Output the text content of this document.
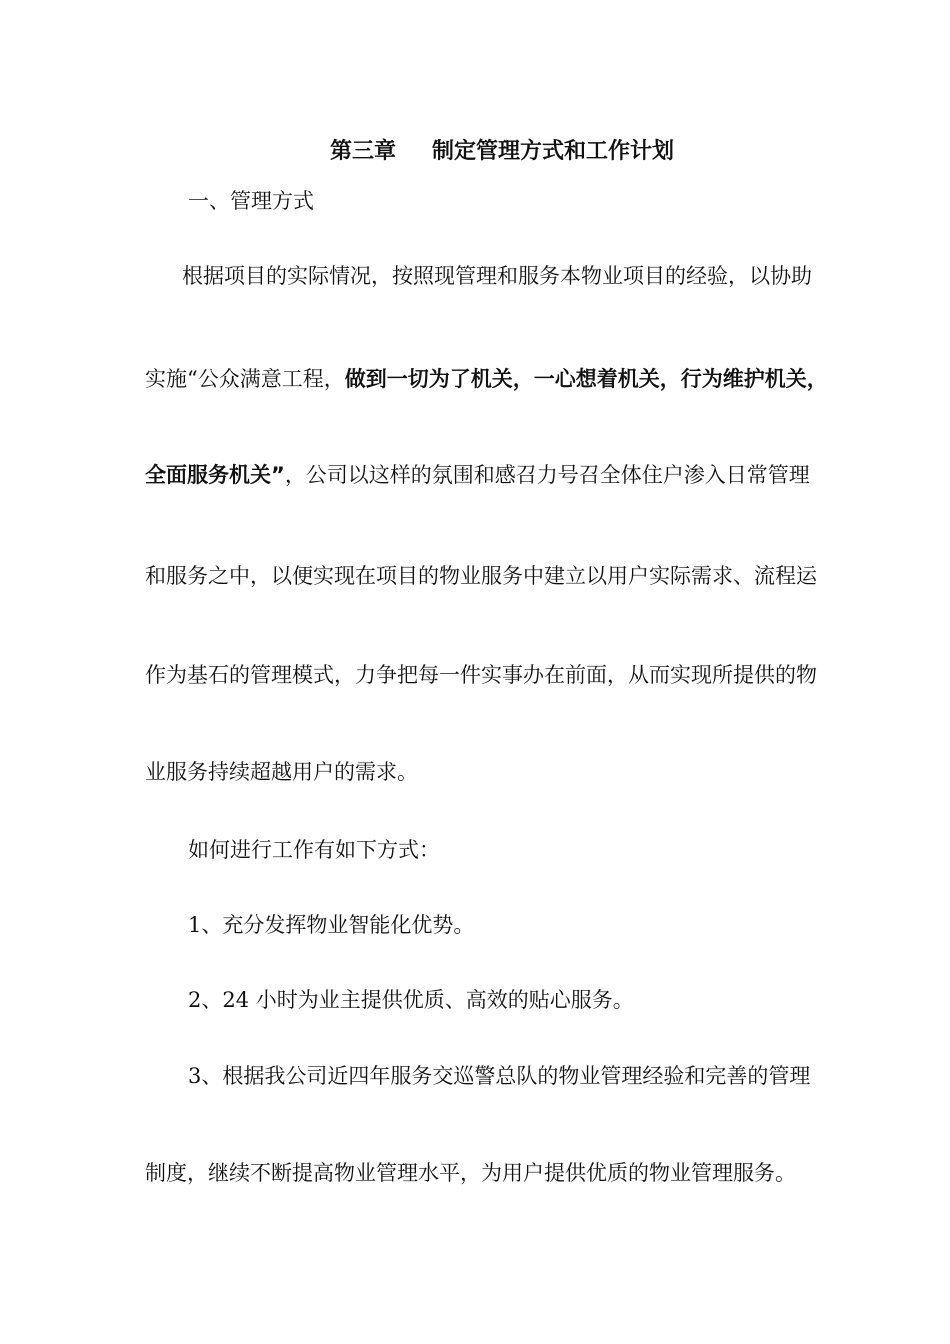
第三章 制定管理方式和工作计划
一、管理方式
根据项目的实际情况，按照现管理和服务本物业项目的经验，以协助
实施“公众满意工程，做到一切为了机关，一心想着机关，行为维护机关，
全面服务机关”，公司以这样的氛围和感召力号召全体住户渗入日常管理
和服务之中，以便实现在项目的物业服务中建立以用户实际需求、流程运
作为基石的管理模式，力争把每一件实事办在前面，从而实现所提供的物
业服务持续超越用户的需求。
如何进行工作有如下方式：
1、充分发挥物业智能化优势。
2、24 小时为业主提供优质、高效的贴心服务。
3、根据我公司近四年服务交巡警总队的物业管理经验和完善的管理
制度，继续不断提高物业管理水平，为用户提供优质的物业管理服务。
